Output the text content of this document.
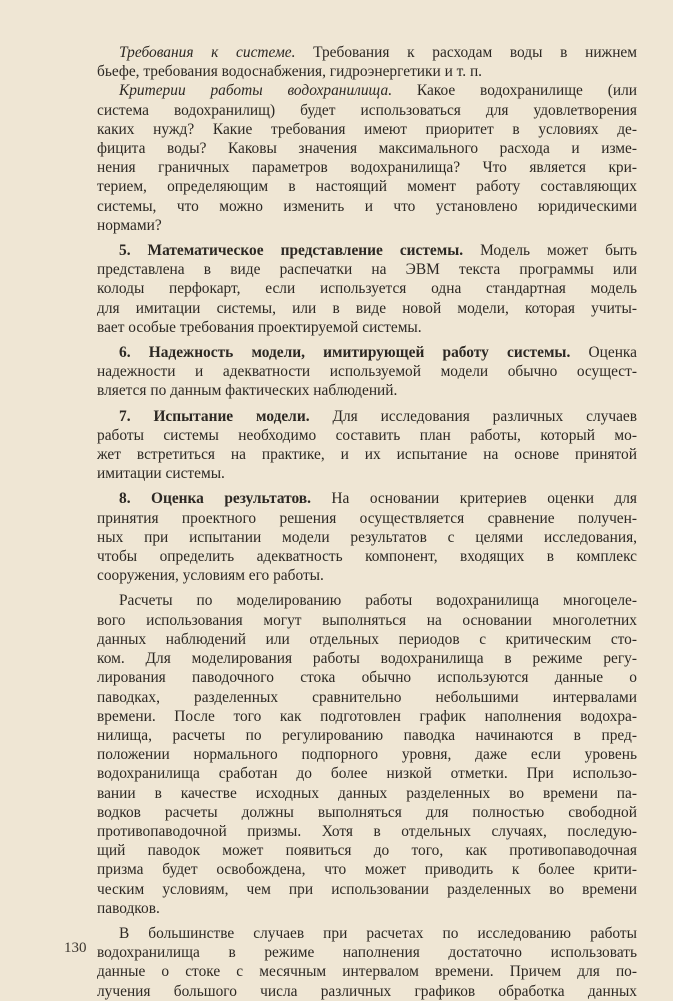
Требования к системе. Требования к расходам воды в нижнем

бьефе, требования водоснабжения, гидроэнергетики и т. п.

Критерии работы водохранилища. Какое водохранилище (или

система водохранилищ) будет использоваться для удовлетворения

каких нужд? Какие требования имеют приоритет в условиях де-

фицита воды? Каковы значения максимального расхода и изме-

нения граничных параметров водохранилища? Что является кри-

терием, определяющим в настоящий момент работу составляющих

системы, что можно изменить и что установлено юридическими

нормами?

5. Математическое представление системы. Модель может быть

представлена в виде распечатки на ЭВМ текста программы или

колоды перфокарт, если используется одна стандартная модель

для имитации системы, или в виде новой модели, которая учиты-

вает особые требования проектируемой системы.

6. Надежность модели, имитирующей работу системы. Оценка

надежности и адекватности используемой модели обычно осущест-

вляется по данным фактических наблюдений.

7. Испытание модели. Для исследования различных случаев

работы системы необходимо составить план работы, который мо-

жет встретиться на практике, и их испытание на основе принятой

имитации системы.

8. Оценка результатов. На основании критериев оценки для

принятия проектного решения осуществляется сравнение получен-

ных при испытании модели результатов с целями исследования,

чтобы определить адекватность компонент, входящих в комплекс

сооружения, условиям его работы.

Расчеты по моделированию работы водохранилища многоцеле-

вого использования могут выполняться на основании многолетних

данных наблюдений или отдельных периодов с критическим сто-

ком. Для моделирования работы водохранилища в режиме регу-

лирования паводочного стока обычно используются данные о

паводках, разделенных сравнительно небольшими интервалами

времени. После того как подготовлен график наполнения водохра-

нилища, расчеты по регулированию паводка начинаются в пред-

положении нормального подпорного уровня, даже если уровень

водохранилища сработан до более низкой отметки. При использо-

вании в качестве исходных данных разделенных во времени па-

водков расчеты должны выполняться для полностью свободной

противопаводочной призмы. Хотя в отдельных случаях, последую-

щий паводок может появиться до того, как противопаводочная

призма будет освобождена, что может приводить к более крити-

ческим условиям, чем при использовании разделенных во времени

паводков.

В большинстве случаев при расчетах по исследованию работы

водохранилища в режиме наполнения достаточно использовать

данные о стоке с месячным интервалом времени. Причем для по-

лучения большого числа различных графиков обработка данных

130
